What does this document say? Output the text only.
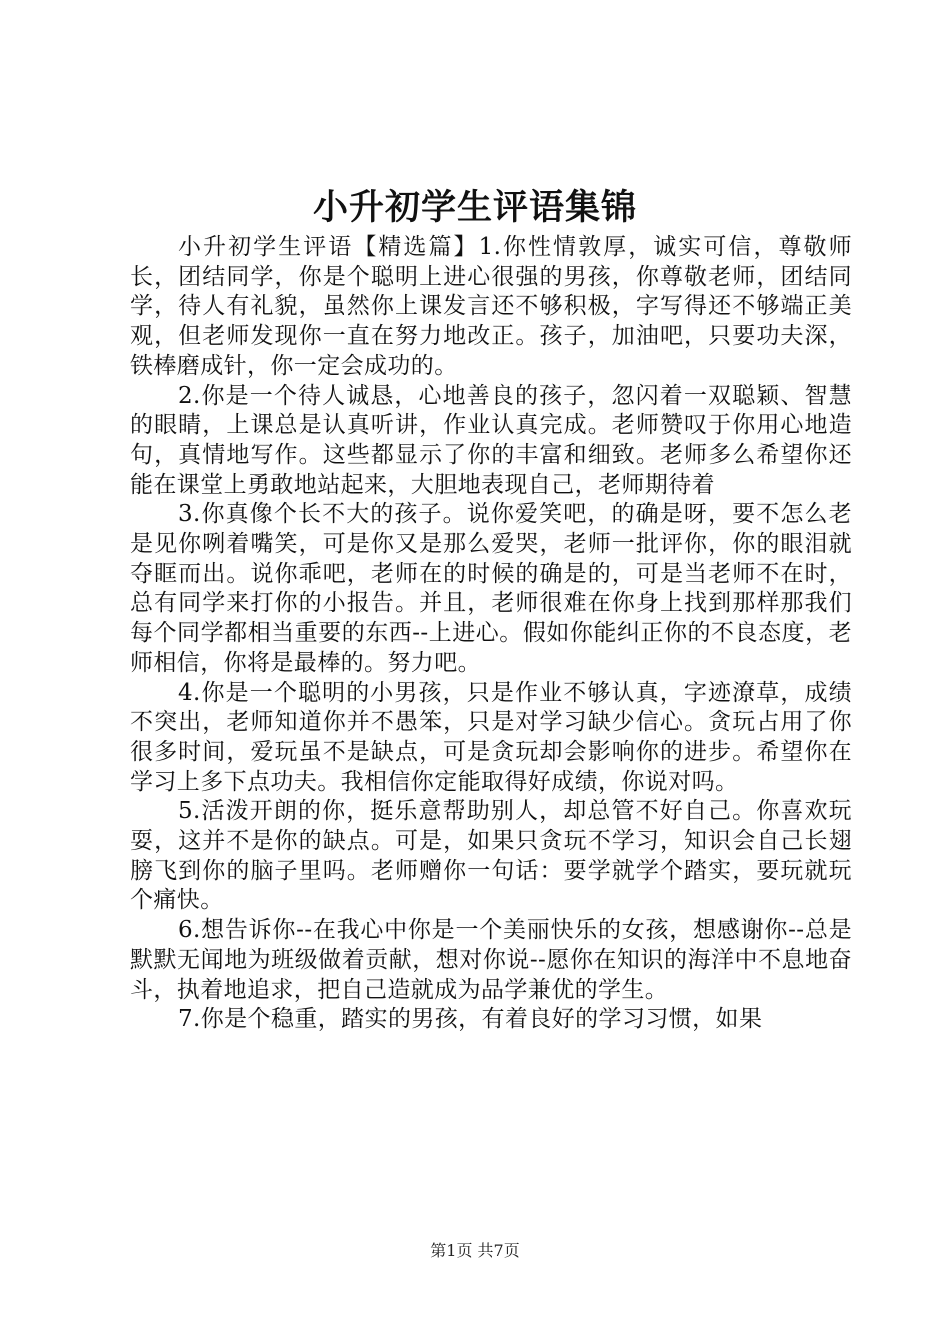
小升初学生评语集锦

小升初学生评语【精选篇】1.你性情敦厚，诚实可信，尊敬师长，团结同学，你是个聪明上进心很强的男孩，你尊敬老师，团结同学，待人有礼貌，虽然你上课发言还不够积极，字写得还不够端正美观，但老师发现你一直在努力地改正。孩子，加油吧，只要功夫深，铁棒磨成针，你一定会成功的。

2.你是一个待人诚恳，心地善良的孩子，忽闪着一双聪颖、智慧的眼睛，上课总是认真听讲，作业认真完成。老师赞叹于你用心地造句，真情地写作。这些都显示了你的丰富和细致。老师多么希望你还能在课堂上勇敢地站起来，大胆地表现自己，老师期待着

3.你真像个长不大的孩子。说你爱笑吧，的确是呀，要不怎么老是见你咧着嘴笑，可是你又是那么爱哭，老师一批评你，你的眼泪就夺眶而出。说你乖吧，老师在的时候的确是的，可是当老师不在时，总有同学来打你的小报告。并且，老师很难在你身上找到那样那我们每个同学都相当重要的东西--上进心。假如你能纠正你的不良态度，老师相信，你将是最棒的。努力吧。

4.你是一个聪明的小男孩，只是作业不够认真，字迹潦草，成绩不突出，老师知道你并不愚笨，只是对学习缺少信心。贪玩占用了你很多时间，爱玩虽不是缺点，可是贪玩却会影响你的进步。希望你在学习上多下点功夫。我相信你定能取得好成绩，你说对吗。

5.活泼开朗的你，挺乐意帮助别人，却总管不好自己。你喜欢玩耍，这并不是你的缺点。可是，如果只贪玩不学习，知识会自己长翅膀飞到你的脑子里吗。老师赠你一句话：要学就学个踏实，要玩就玩个痛快。

6.想告诉你--在我心中你是一个美丽快乐的女孩，想感谢你--总是默默无闻地为班级做着贡献，想对你说--愿你在知识的海洋中不息地奋斗，执着地追求，把自己造就成为品学兼优的学生。

7.你是个稳重，踏实的男孩，有着良好的学习习惯，如果

第1页 共7页
